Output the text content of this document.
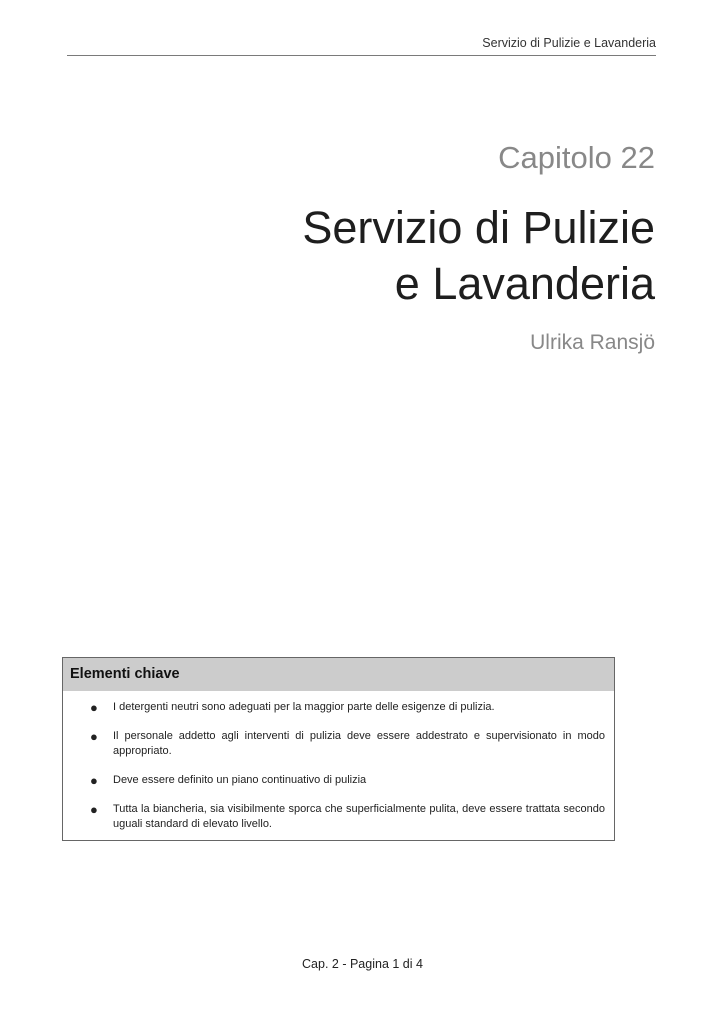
Servizio di Pulizie e Lavanderia
Capitolo 22
Servizio di Pulizie
e Lavanderia
Ulrika Ransjö
Elementi chiave
● I detergenti neutri sono adeguati per la maggior parte delle esigenze di pulizia.
● Il personale addetto agli interventi di pulizia deve essere addestrato e supervisionato in modo appropriato.
● Deve essere definito un piano continuativo di pulizia
● Tutta la biancheria, sia visibilmente sporca che superficialmente pulita, deve essere trattata secondo uguali standard di elevato livello.
Cap. 2 - Pagina 1 di 4
